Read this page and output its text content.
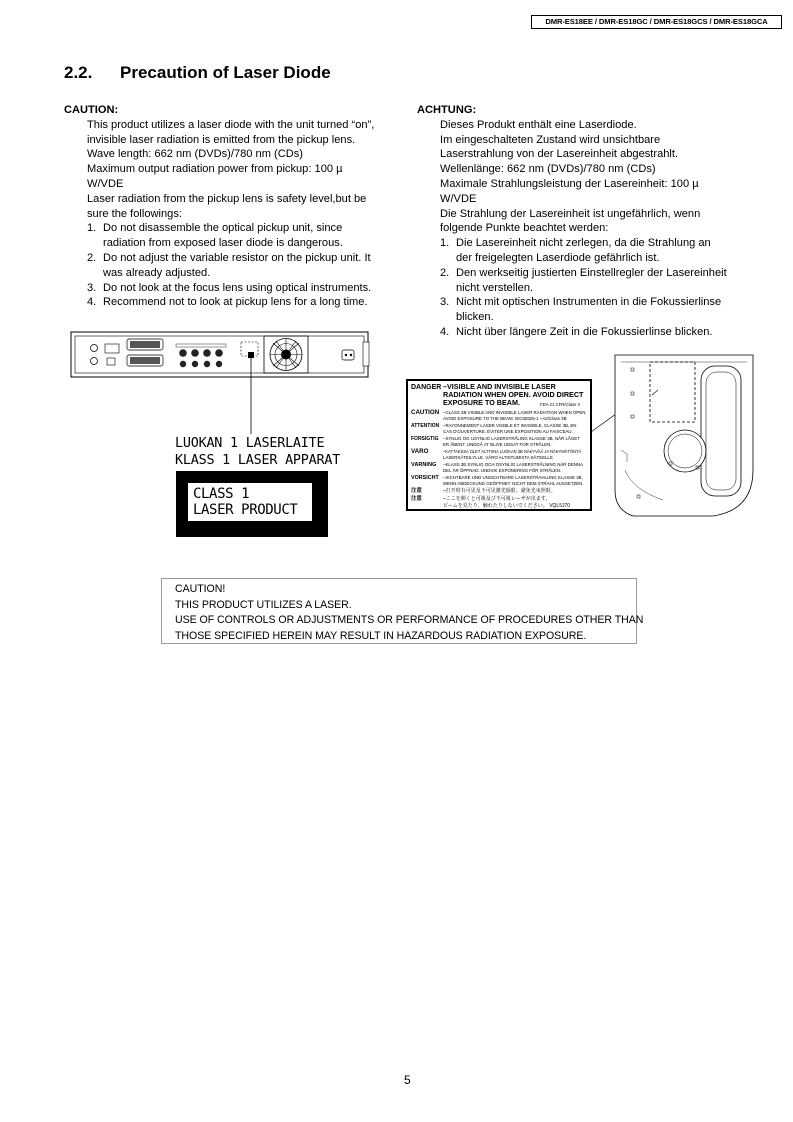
DMR-ES18EE / DMR-ES18GC / DMR-ES18GCS / DMR-ES18GCA
2.2. Precaution of Laser Diode
CAUTION:
This product utilizes a laser diode with the unit turned “on”,
invisible laser radiation is emitted from the pickup lens.
Wave length: 662 nm (DVDs)/780 nm (CDs)
Maximum output radiation power from pickup: 100 µ
W/VDE
Laser radiation from the pickup lens is safety level,but be
sure the followings:
1. Do not disassemble the optical pickup unit, since
radiation from exposed laser diode is dangerous.
2. Do not adjust the variable resistor on the pickup unit. It
was already adjusted.
3. Do not look at the focus lens using optical instruments.
4. Recommend not to look at pickup lens for a long time.
ACHTUNG:
Dieses Produkt enthält eine Laserdiode.
Im eingeschalteten Zustand wird unsichtbare
Laserstrahlung von der Lasereinheit abgestrahlt.
Wellenlänge: 662 nm (DVDs)/780 nm (CDs)
Maximale Strahlungsleistung der Lasereinheit: 100 µ
W/VDE
Die Strahlung der Lasereinheit ist ungefährlich, wenn
folgende Punkte beachtet werden:
1. Die Lasereinheit nicht zerlegen, da die Strahlung an
der freigelegten Laserdiode gefährlich ist.
2. Den werkseitig justierten Einstellregler der Lasereinheit
nicht verstellen.
3. Nicht mit optischen Instrumenten in die Fokussierlinse
blicken.
4. Nicht über längere Zeit in die Fokussierlinse blicken.
LUOKAN 1 LASERLAITE
KLASS 1 LASER APPARAT
CLASS 1
LASER PRODUCT
DANGER –VISIBLE AND INVISIBLE LASER
RADIATION WHEN OPEN. AVOID DIRECT
EXPOSURE TO BEAM.	FDA 21 CFR/Class II
CAUTION –CLASS 3B VISIBLE AND INVISIBLE LASER RADIATION WHEN OPEN
AVOID EXPOSURE TO THE BEAM. IEC60825-1 +A2/Class 3B
ATTENTION –RAYONNEMENT LASER VISIBLE ET INVISIBLE, CLASSE 3B, EN
CAS D'OUVERTURE. ÉVITER UNE EXPOSITION AU FAISCEAU.
FORSIGTIG –SYNLIG OG USYNLIG LASERSTRÅLING KLASSE 3B, NÅR LÅGET
ER ÅBENT. UNDGÅ AT BLIVE UDSAT FOR STRÅLEN.
VARO	–KATTAESSA OLET ALTTIINA LUOKAN 3B NÄKYVÄÄ JA NÄKYMÄTÖNTÄ
LASERSÄTEILYLLE. VÄRO ALTISTUMISTA SÄTEELLE.
VARNING –KLASS 3B SYNLIG OCH OSYNLIG LASERSTRÅLNING NÄR DENNA
DEL ÄR ÖPPNAD. UNDVIK EXPONERING FÖR STRÅLEN.
VORSICHT –SICHTBARE UND UNSICHTBARE LASERSTRAHLUNG KLASSE 3B,
WENN ABDECKUNG GEÖFFNET. NICHT DEM STRAHL AUSSETZEN.
注意	–打开时有可见及不可见激光辐射。避免光束照射。
注意	–ここを開くと可視及び不可視レーザが出ます。
ビームを見たり、触れたりしないでください。 VQL5J70
CAUTION!
THIS PRODUCT UTILIZES A LASER.
USE OF CONTROLS OR ADJUSTMENTS OR PERFORMANCE OF PROCEDURES OTHER THAN
THOSE SPECIFIED HEREIN MAY RESULT IN HAZARDOUS RADIATION EXPOSURE.
5
